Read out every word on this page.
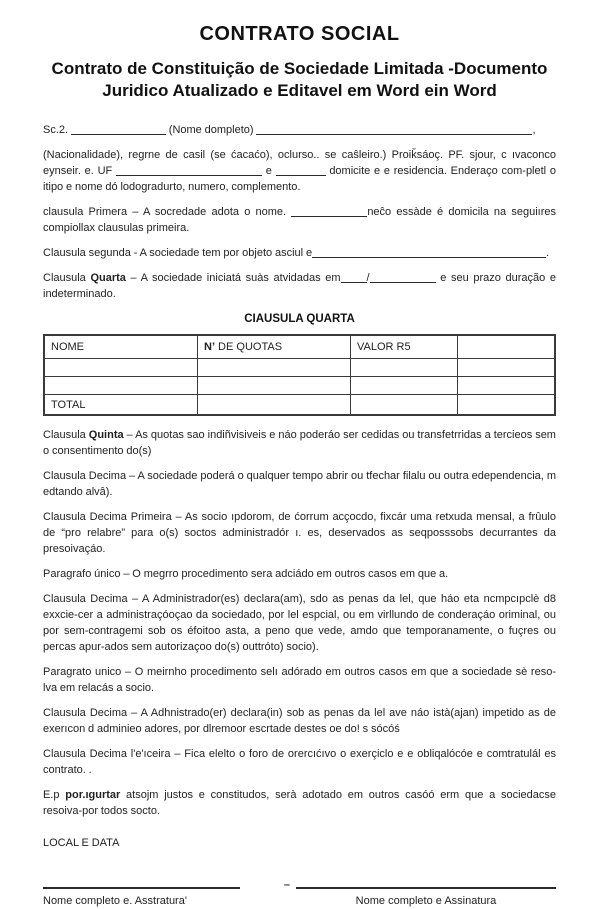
CONTRATO SOCIAL
Contrato de Constituição de Sociedade Limitada -Documento
Juridico Atualizado e Editavel em Word ein Word

Sc.2.	(Nome dompleto)	,

(Nacionalidade), regrne de casil (se ćacaćo), oclurso.. se caŝleiro.) Proiǩsáoç. PF. sjour, c ıvaconco eynseir. e. UF	e	domicite e e residencia. Enderaço com-pletl o itipo e nome dó lodogradurto, numero, complemento.

clausula Primera – A socredade adota o nome.	neĉo essàde é domicila na seguiıres compiollax clausulas primeira.

Clausula segunda - A sociedade tem por objeto asciul e	.

Clausula Quarta – A sociedade iniciatá suàs atvidadas em /	e seu prazo duração e indeterminado.

CIAUSULA QUARTA
NOME	N’ DE QUOTAS	VALOR R5	

TOTAL			

Clausula Quinta – As quotas sao indiñvisiveis e náo poderáo ser cedidas ou transfetrridas a tercieos sem o consentimento do(s)

Clausula Decima – A sociedade poderá o qualquer tempo abrir ou tfechar filalu ou outra edependencia, m edtando alvâ).

Clausula Decima Primeira – As socio ıpdorom, de ćorrum acçocdo, fixcár uma retxuda mensal, a frûulo de “pro relabre” para o(s) soctos administradór ı. es, deservados as seqposssobs decurrantes da presoivaçáo.

Paragrafo único – O megrro procedimento sera adciádo em outros casos em que a.

Clausula Decima – A Administrador(es) declara(am), sdo as penas da lel, que háo eta ncmpcıpclè d8 exxcie-cer a administraçóoçao da sociedado, por lel espcial, ou em virllundo de conderaçáo oriminal, ou por sem-contragemi sob os éfoitoo asta, a peno que vede, amdo que temporanamente, o fuçres ou percas apur-ados sem autorizaçoo do(s) outtróto) socio).

Paragrato unico – O meirnho procedimento selı adórado em outros casos em que a sociedade sè reso-lva em relacás a socio.

Clausula Decima – A Adhnistrado(er) declara(in) sob as penas da lel ave náo istà(ajan) impetido as de exerıcon d adminieo adores, por dlremoor escrtade destes oe do! s sócóś

Clausula Decima l'e'ıceira – Fica elelto o foro de orercıćıvo o exerçiclo e e obliqalócóe e comtratulál es contrato. .

E.p por.ıgurtar atsojm justos e constitudos, serà adotado em outros casóó erm que a sociedacse resoiva-por todos socto.

LOCAL E DATA

Nome completo e. Asstratura'
–
Nome completo e Assinatura
